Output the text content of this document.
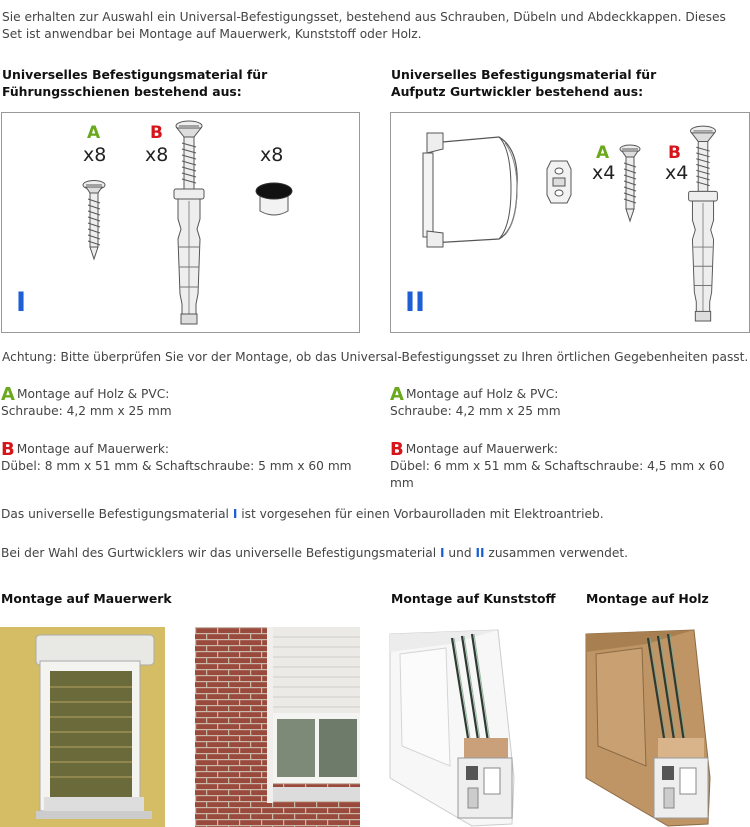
Sie erhalten zur Auswahl ein Universal-Befestigungsset, bestehend aus Schrauben, Dübeln und Abdeckkappen. Dieses Set ist anwendbar bei Montage auf Mauerwerk, Kunststoff oder Holz.
Universelles Befestigungsmaterial für
Führungsschienen bestehend aus:
Universelles Befestigungsmaterial für
Aufputz Gurtwickler bestehend aus:
A
x8
B
x8	x8
I
A
x4
B
x4
II
Achtung: Bitte überprüfen Sie vor der Montage, ob das Universal-Befestigungsset zu Ihren örtlichen Gegebenheiten passt.
A Montage auf Holz & PVC:
Schraube: 4,2 mm x 25 mm
B Montage auf Mauerwerk:
Dübel: 8 mm x 51 mm & Schaftschraube: 5 mm x 60 mm
A Montage auf Holz & PVC:
Schraube: 4,2 mm x 25 mm
B Montage auf Mauerwerk:
Dübel: 6 mm x 51 mm & Schaftschraube: 4,5 mm x 60 mm
Das universelle Befestigungsmaterial I ist vorgesehen für einen Vorbaurolladen mit Elektroantrieb.
Bei der Wahl des Gurtwicklers wir das universelle Befestigungsmaterial I und II zusammen verwendet.
Montage auf Mauerwerk	Montage auf Kunststoff Montage auf Holz
